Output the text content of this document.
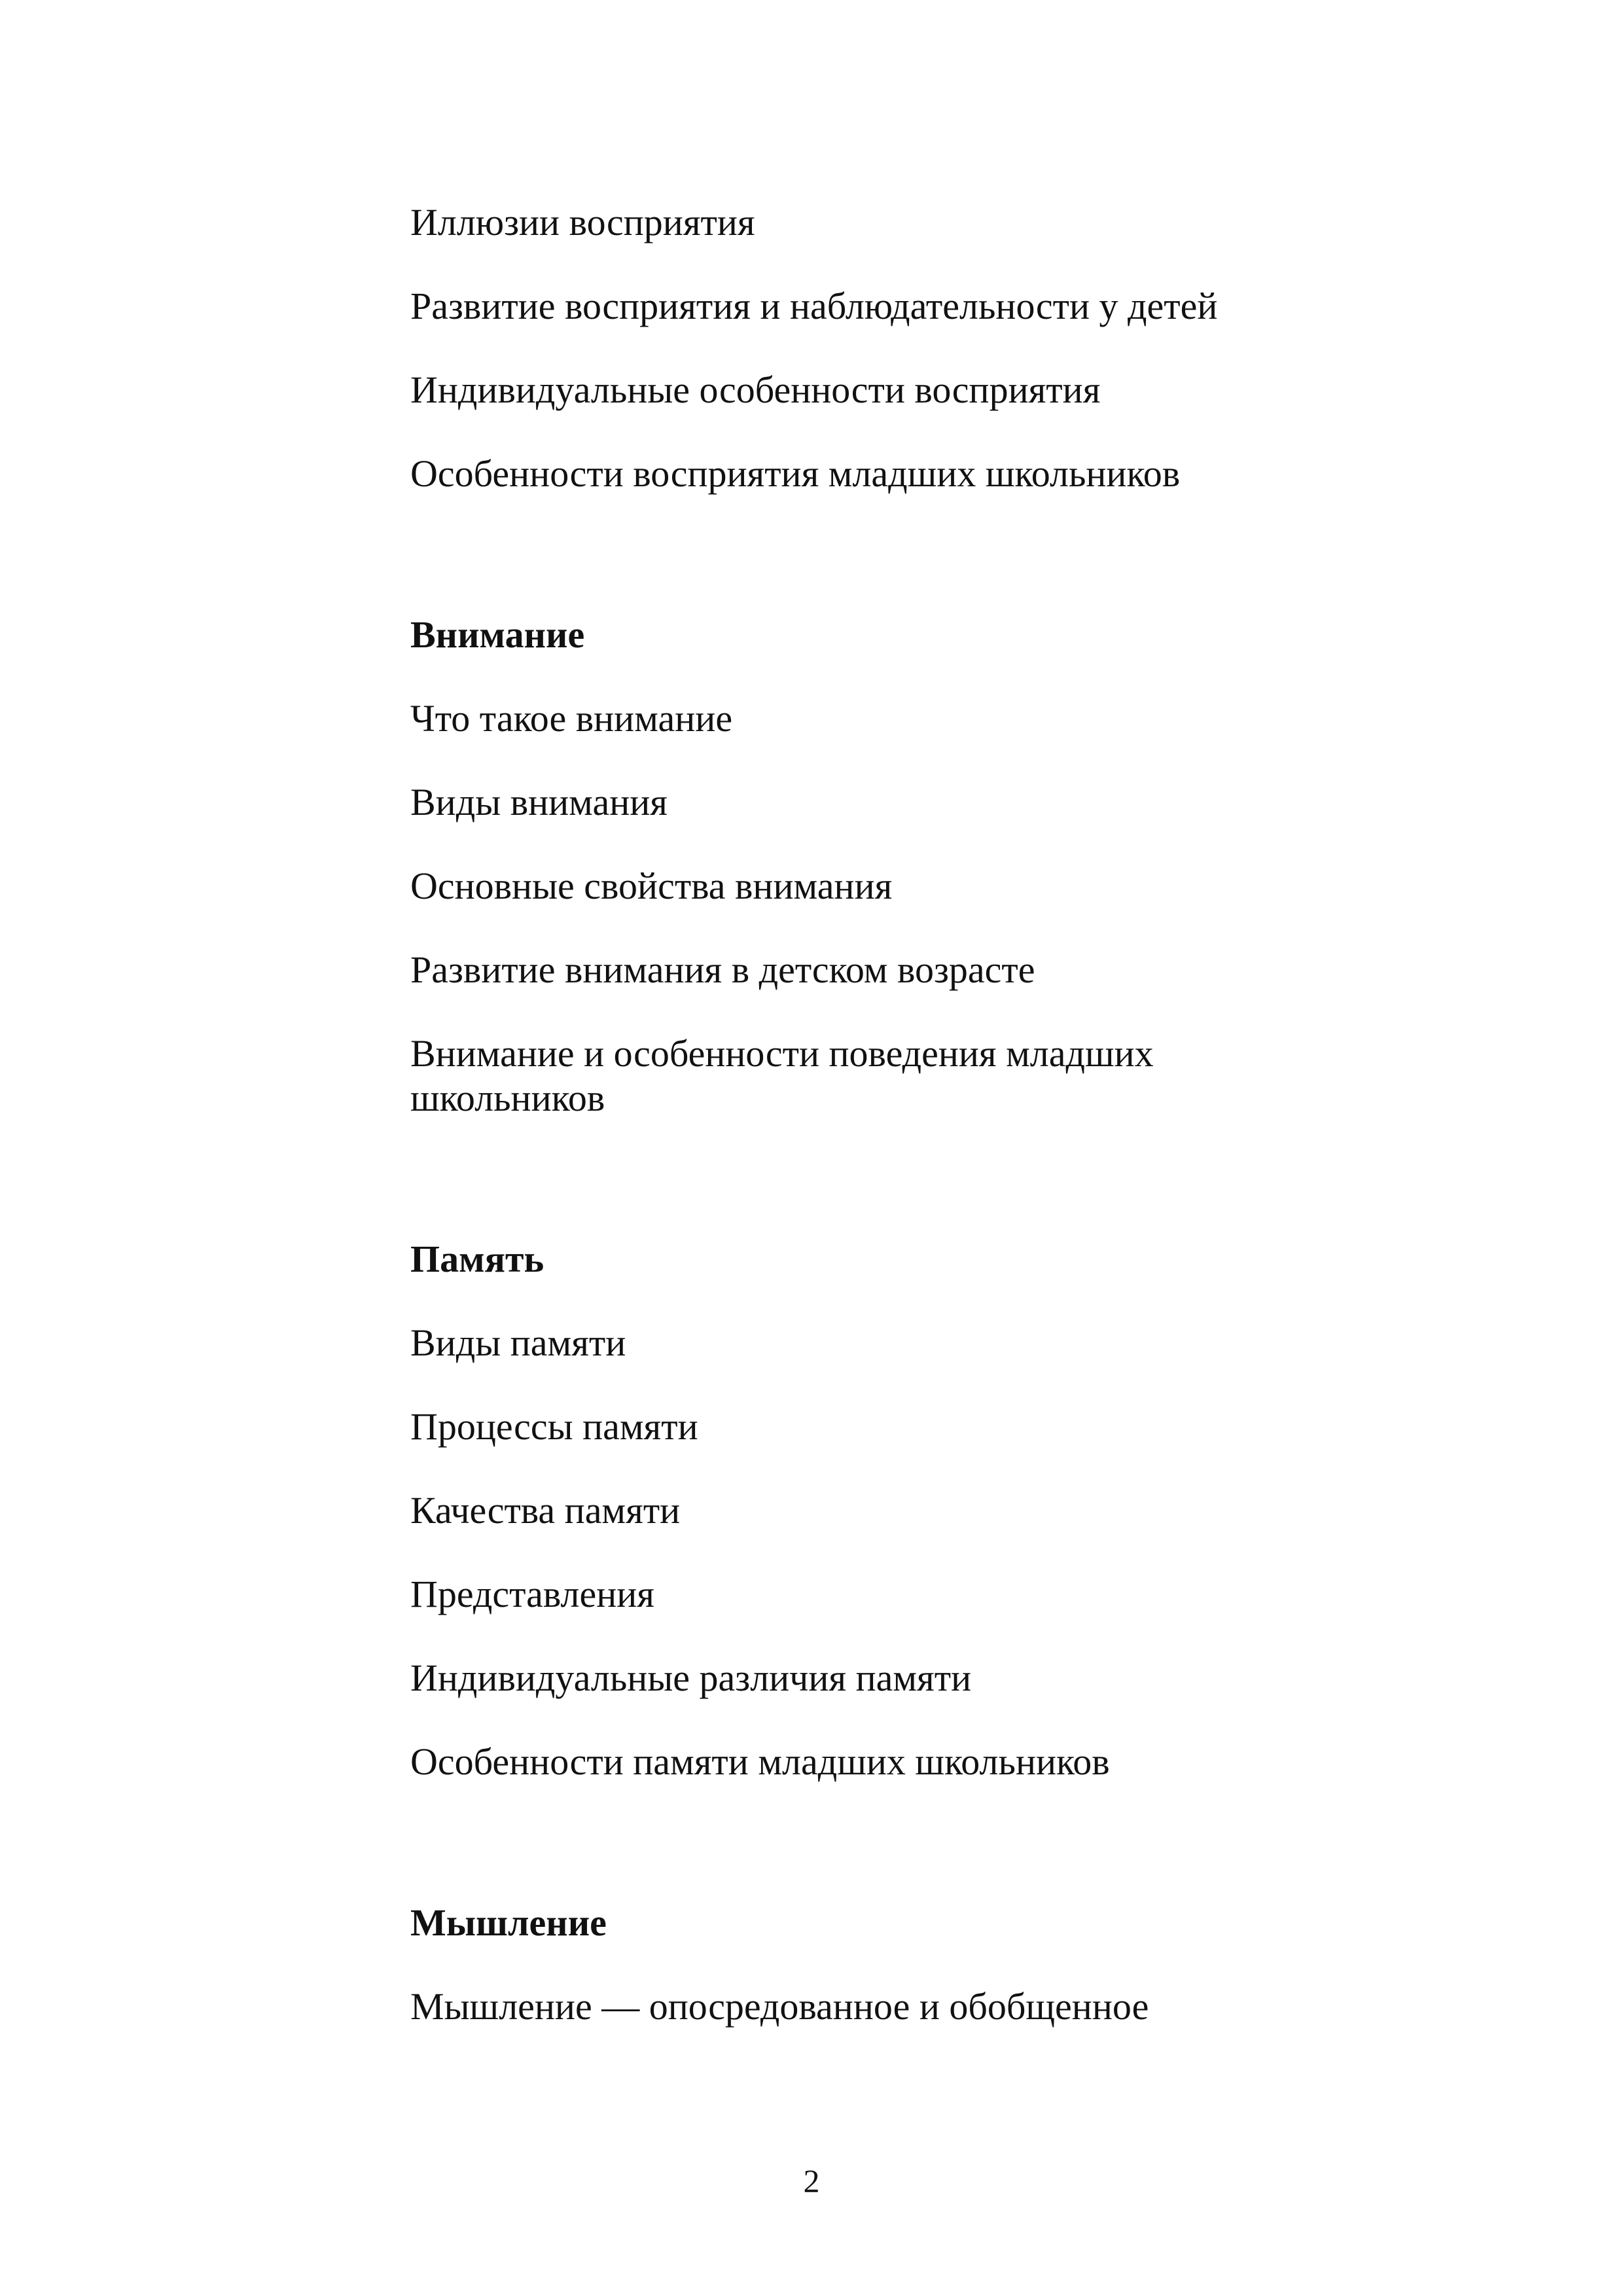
Иллюзии восприятия

Развитие восприятия и наблюдательности у детей

Индивидуальные особенности восприятия

Особенности восприятия младших школьников

Внимание

Что такое внимание

Виды внимания

Основные свойства внимания

Развитие внимания в детском возрасте

Внимание и особенности поведения младших школьников

Память

Виды памяти

Процессы памяти

Качества памяти

Представления

Индивидуальные различия памяти

Особенности памяти младших школьников

Мышление

Мышление — опосредованное и обобщенное

2
